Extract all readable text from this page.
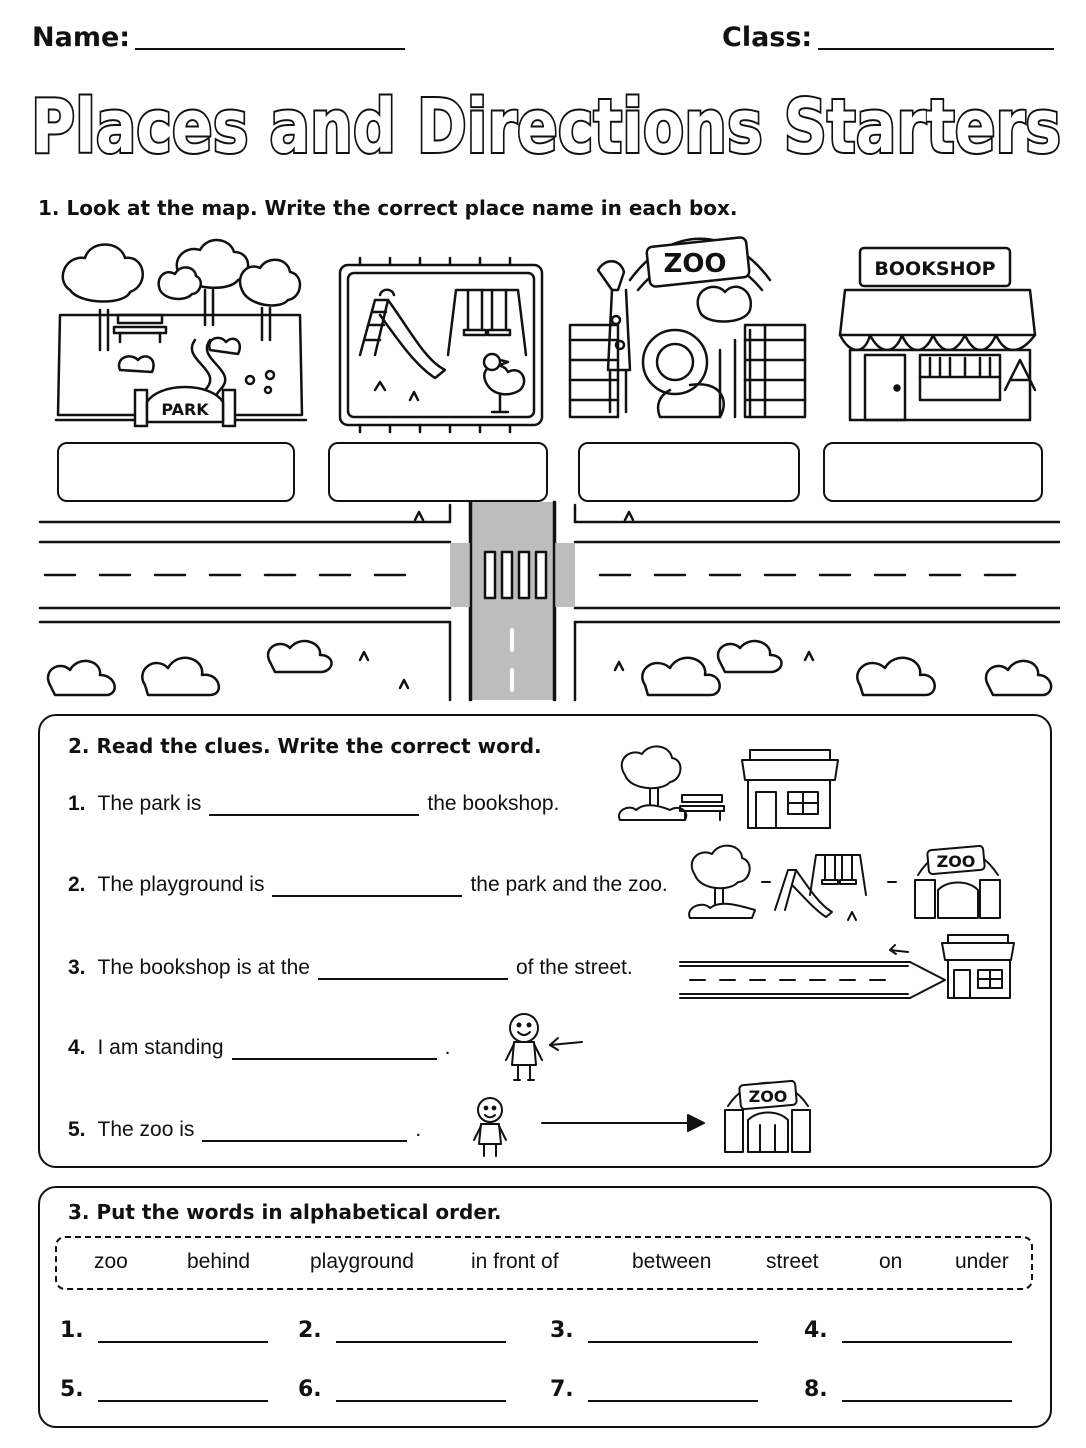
Name:	Class:
Places and Directions Starters
1. Look at the map. Write the correct place name in each box.
PARK
ZOO	BOOKSHOP
2. Read the clues. Write the correct word.
1. The park is	the bookshop.
2. The playground is	the park and the zoo.
3. The bookshop is at the	of the street.
4. I am standing	.
5. The zoo is	.
ZOO
ZOO
3. Put the words in alphabetical order.
zoo	behind	playground	in front of	between	street	on	under
1.	2.	3.	4.
5.	6.	7.	8.
